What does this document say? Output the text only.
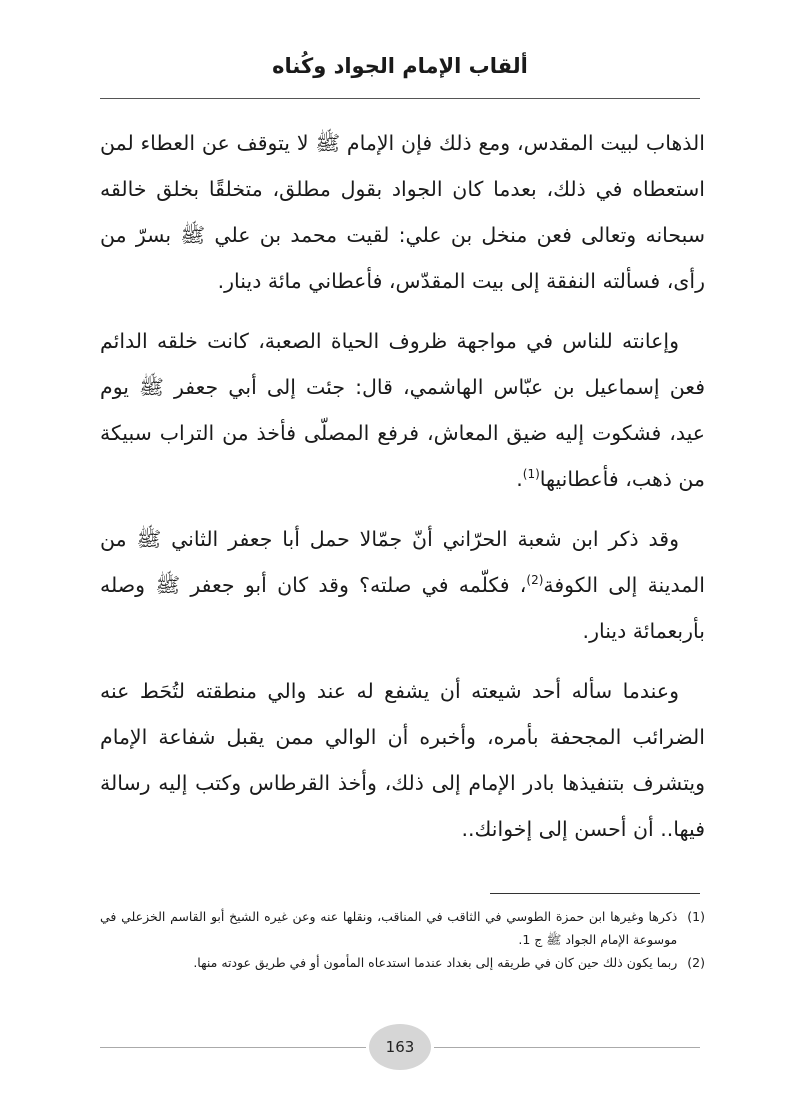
ألقاب الإمام الجواد وكُناه

الذهاب لبيت المقدس، ومع ذلك فإن الإمام ﷺ لا يتوقف عن العطاء لمن استعطاه في ذلك، بعدما كان الجواد بقول مطلق، متخلقًا بخلق خالقه سبحانه وتعالى فعن منخل بن علي: لقيت محمد بن علي ﷺ بسرّ من رأى، فسألته النفقة إلى بيت المقدّس، فأعطاني مائة دينار.

وإعانته للناس في مواجهة ظروف الحياة الصعبة، كانت خلقه الدائم فعن إسماعيل بن عبّاس الهاشمي، قال: جئت إلى أبي جعفر ﷺ يوم عيد، فشكوت إليه ضيق المعاش، فرفع المصلّى فأخذ من التراب سبيكة من ذهب، فأعطانيها$^{(1)}$.

وقد ذكر ابن شعبة الحرّاني أنّ جمّالا حمل أبا جعفر الثاني ﷺ من المدينة إلى الكوفة$^{(2)}$، فكلّمه في صلته؟ وقد كان أبو جعفر ﷺ وصله بأربعمائة دينار.

وعندما سأله أحد شيعته أن يشفع له عند والي منطقته لتُحَط عنه الضرائب المجحفة بأمره، وأخبره أن الوالي ممن يقبل شفاعة الإمام ويتشرف بتنفيذها بادر الإمام إلى ذلك، وأخذ القرطاس وكتب إليه رسالة فيها.. أن أحسن إلى إخوانك..

(1)
ذكرها وغيرها ابن حمزة الطوسي في الثاقب في المناقب، ونقلها عنه وعن غيره الشيخ أبو القاسم الخزعلي في موسوعة الإمام الجواد ﷺ ج 1.
(2)
ربما يكون ذلك حين كان في طريقه إلى بغداد عندما استدعاه المأمون أو في طريق عودته منها.
163
